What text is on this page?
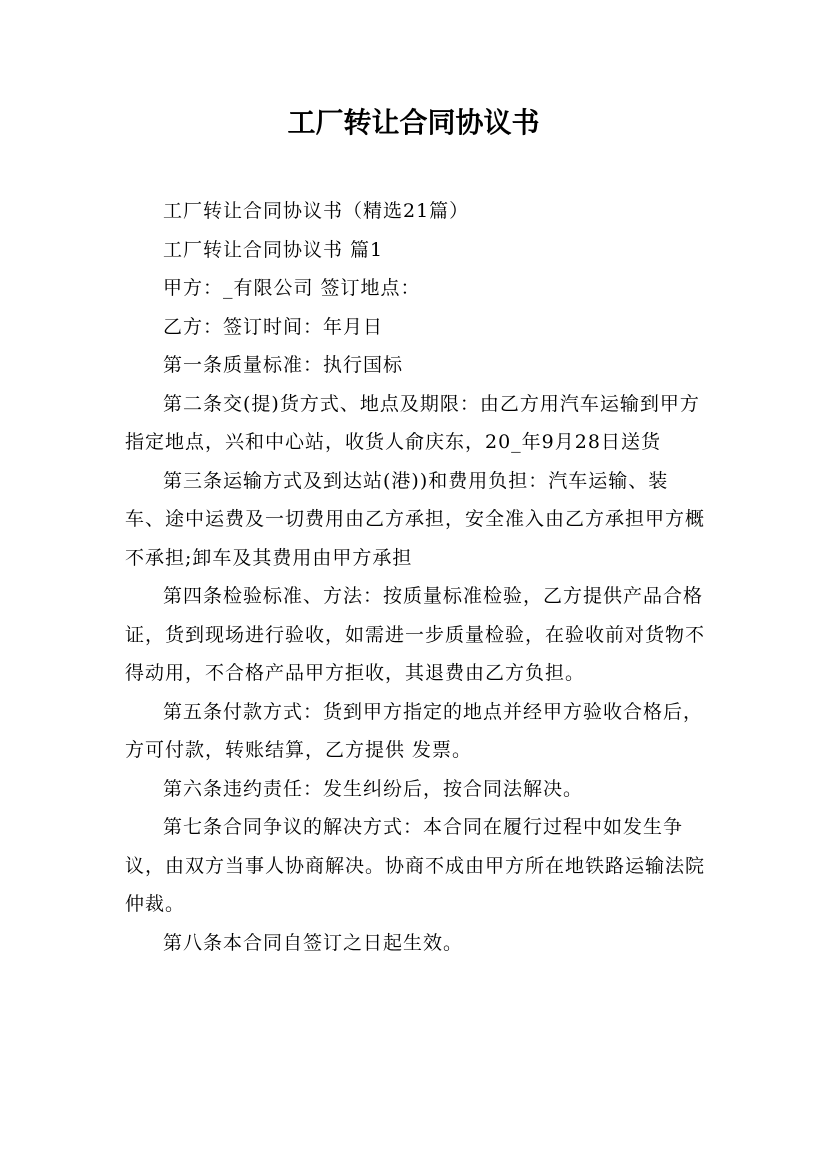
工厂转让合同协议书

工厂转让合同协议书（精选21篇）

工厂转让合同协议书 篇1

甲方：_有限公司 签订地点：

乙方：签订时间：年月日

第一条质量标准：执行国标

第二条交(提)货方式、地点及期限：由乙方用汽车运输到甲方指定地点，兴和中心站，收货人俞庆东，20_年9月28日送货

第三条运输方式及到达站(港))和费用负担：汽车运输、装车、途中运费及一切费用由乙方承担，安全准入由乙方承担甲方概不承担;卸车及其费用由甲方承担

第四条检验标准、方法：按质量标准检验，乙方提供产品合格证，货到现场进行验收，如需进一步质量检验，在验收前对货物不得动用，不合格产品甲方拒收，其退费由乙方负担。

第五条付款方式：货到甲方指定的地点并经甲方验收合格后，方可付款，转账结算，乙方提供 发票。

第六条违约责任：发生纠纷后，按合同法解决。

第七条合同争议的解决方式：本合同在履行过程中如发生争议，由双方当事人协商解决。协商不成由甲方所在地铁路运输法院仲裁。

第八条本合同自签订之日起生效。
